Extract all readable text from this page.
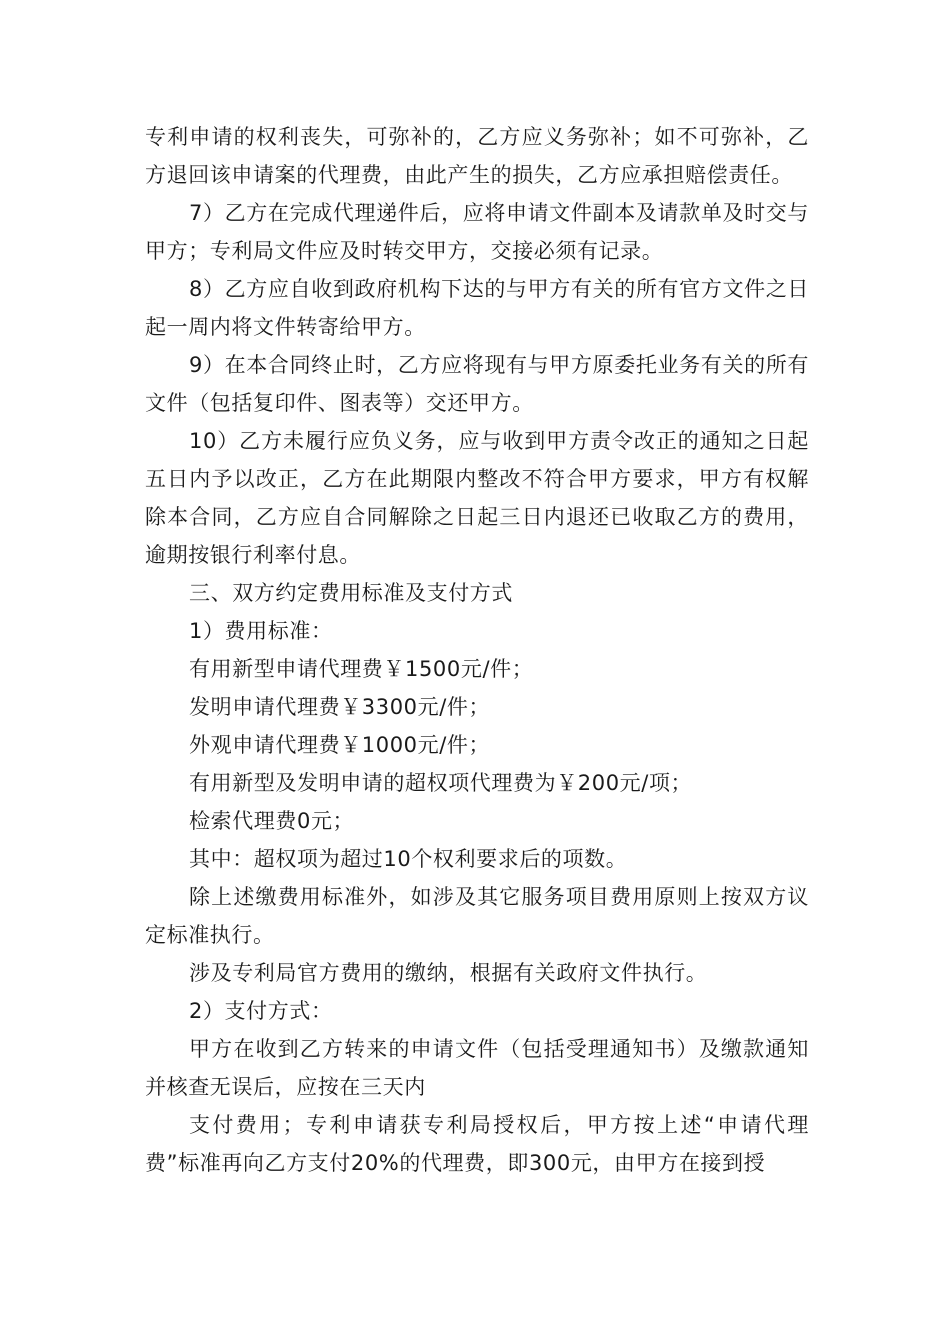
专利申请的权利丧失，可弥补的，乙方应义务弥补；如不可弥补，乙方退回该申请案的代理费，由此产生的损失，乙方应承担赔偿责任。

7）乙方在完成代理递件后，应将申请文件副本及请款单及时交与甲方；专利局文件应及时转交甲方，交接必须有记录。

8）乙方应自收到政府机构下达的与甲方有关的所有官方文件之日起一周内将文件转寄给甲方。

9）在本合同终止时，乙方应将现有与甲方原委托业务有关的所有文件（包括复印件、图表等）交还甲方。

10）乙方未履行应负义务，应与收到甲方责令改正的通知之日起五日内予以改正，乙方在此期限内整改不符合甲方要求，甲方有权解除本合同，乙方应自合同解除之日起三日内退还已收取乙方的费用，逾期按银行利率付息。

三、双方约定费用标准及支付方式

1）费用标准：

有用新型申请代理费￥1500元/件；

发明申请代理费￥3300元/件；

外观申请代理费￥1000元/件；

有用新型及发明申请的超权项代理费为￥200元/项；

检索代理费0元；

其中：超权项为超过10个权利要求后的项数。

除上述缴费用标准外，如涉及其它服务项目费用原则上按双方议定标准执行。

涉及专利局官方费用的缴纳，根据有关政府文件执行。

2）支付方式：

甲方在收到乙方转来的申请文件（包括受理通知书）及缴款通知并核查无误后，应按在三天内

支付费用；专利申请获专利局授权后，甲方按上述“申请代理费”标准再向乙方支付20%的代理费，即300元，由甲方在接到授
